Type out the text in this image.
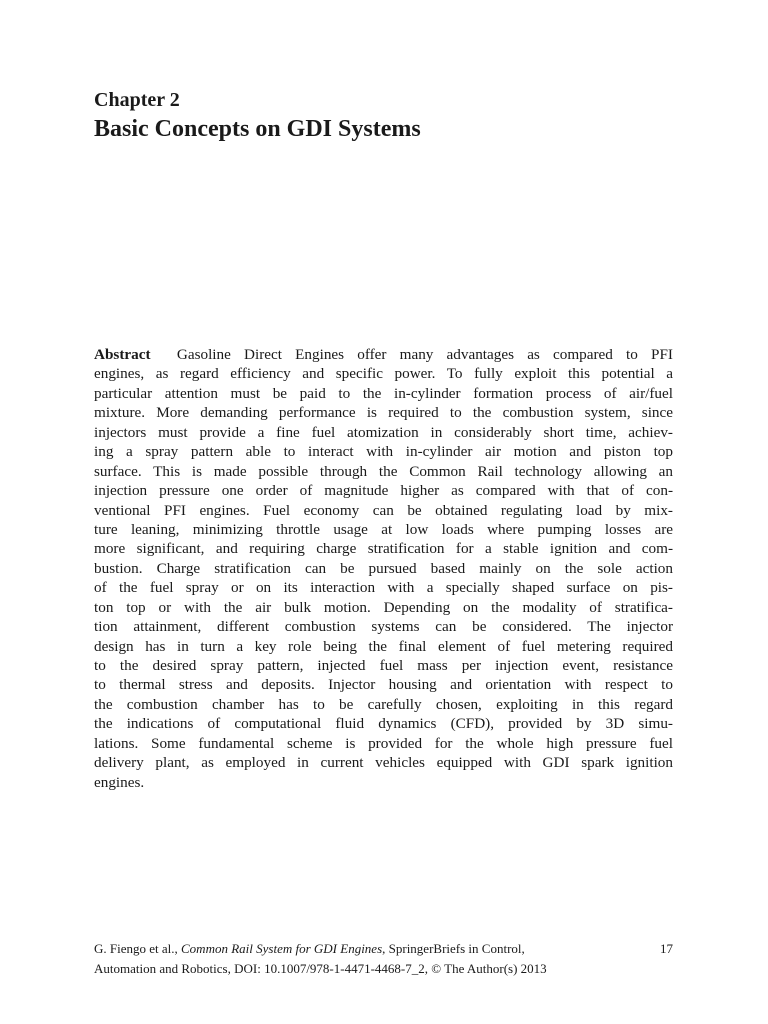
Chapter 2
Basic Concepts on GDI Systems
Abstract Gasoline Direct Engines offer many advantages as compared to PFI
engines, as regard efficiency and specific power. To fully exploit this potential a
particular attention must be paid to the in-cylinder formation process of air/fuel
mixture. More demanding performance is required to the combustion system, since
injectors must provide a fine fuel atomization in considerably short time, achiev-
ing a spray pattern able to interact with in-cylinder air motion and piston top
surface. This is made possible through the Common Rail technology allowing an
injection pressure one order of magnitude higher as compared with that of con-
ventional PFI engines. Fuel economy can be obtained regulating load by mix-
ture leaning, minimizing throttle usage at low loads where pumping losses are
more significant, and requiring charge stratification for a stable ignition and com-
bustion. Charge stratification can be pursued based mainly on the sole action
of the fuel spray or on its interaction with a specially shaped surface on pis-
ton top or with the air bulk motion. Depending on the modality of stratifica-
tion attainment, different combustion systems can be considered. The injector
design has in turn a key role being the final element of fuel metering required
to the desired spray pattern, injected fuel mass per injection event, resistance
to thermal stress and deposits. Injector housing and orientation with respect to
the combustion chamber has to be carefully chosen, exploiting in this regard
the indications of computational fluid dynamics (CFD), provided by 3D simu-
lations. Some fundamental scheme is provided for the whole high pressure fuel
delivery plant, as employed in current vehicles equipped with GDI spark ignition
engines.
G. Fiengo et al., Common Rail System for GDI Engines, SpringerBriefs in Control,
Automation and Robotics, DOI: 10.1007/978-1-4471-4468-7_2, © The Author(s) 2013
17
